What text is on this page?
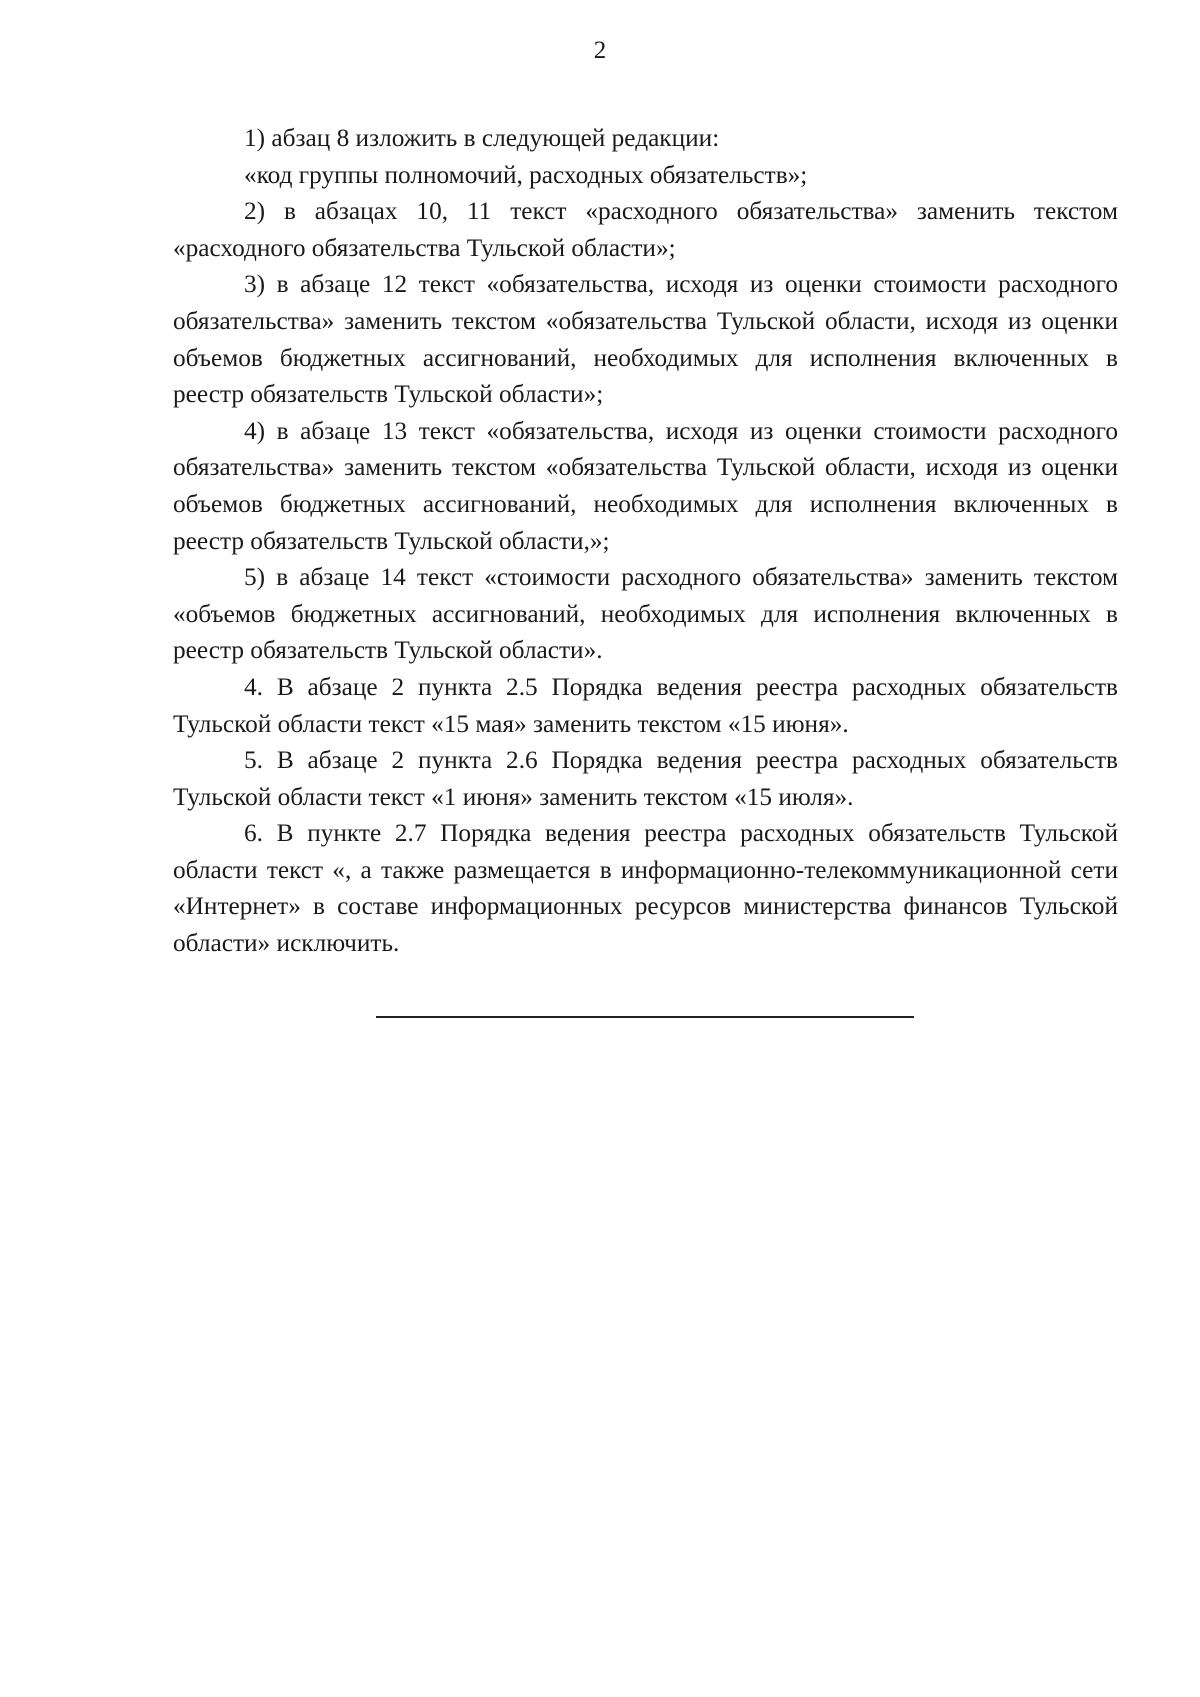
2

1) абзац 8 изложить в следующей редакции:

«код группы полномочий, расходных обязательств»;

2) в абзацах 10, 11 текст «расходного обязательства» заменить текстом «расходного обязательства Тульской области»;

3) в абзаце 12 текст «обязательства, исходя из оценки стоимости расходного обязательства» заменить текстом «обязательства Тульской области, исходя из оценки объемов бюджетных ассигнований, необходимых для исполнения включенных в реестр обязательств Тульской области»;

4) в абзаце 13 текст «обязательства, исходя из оценки стоимости расходного обязательства» заменить текстом «обязательства Тульской области, исходя из оценки объемов бюджетных ассигнований, необходимых для исполнения включенных в реестр обязательств Тульской области,»;

5) в абзаце 14 текст «стоимости расходного обязательства» заменить текстом «объемов бюджетных ассигнований, необходимых для исполнения включенных в реестр обязательств Тульской области».

4. В абзаце 2 пункта 2.5 Порядка ведения реестра расходных обязательств Тульской области текст «15 мая» заменить текстом «15 июня».

5. В абзаце 2 пункта 2.6 Порядка ведения реестра расходных обязательств Тульской области текст «1 июня» заменить текстом «15 июля».

6. В пункте 2.7 Порядка ведения реестра расходных обязательств Тульской области текст «, а также размещается в информационно-телекоммуникационной сети «Интернет» в составе информационных ресурсов министерства финансов Тульской области» исключить.
